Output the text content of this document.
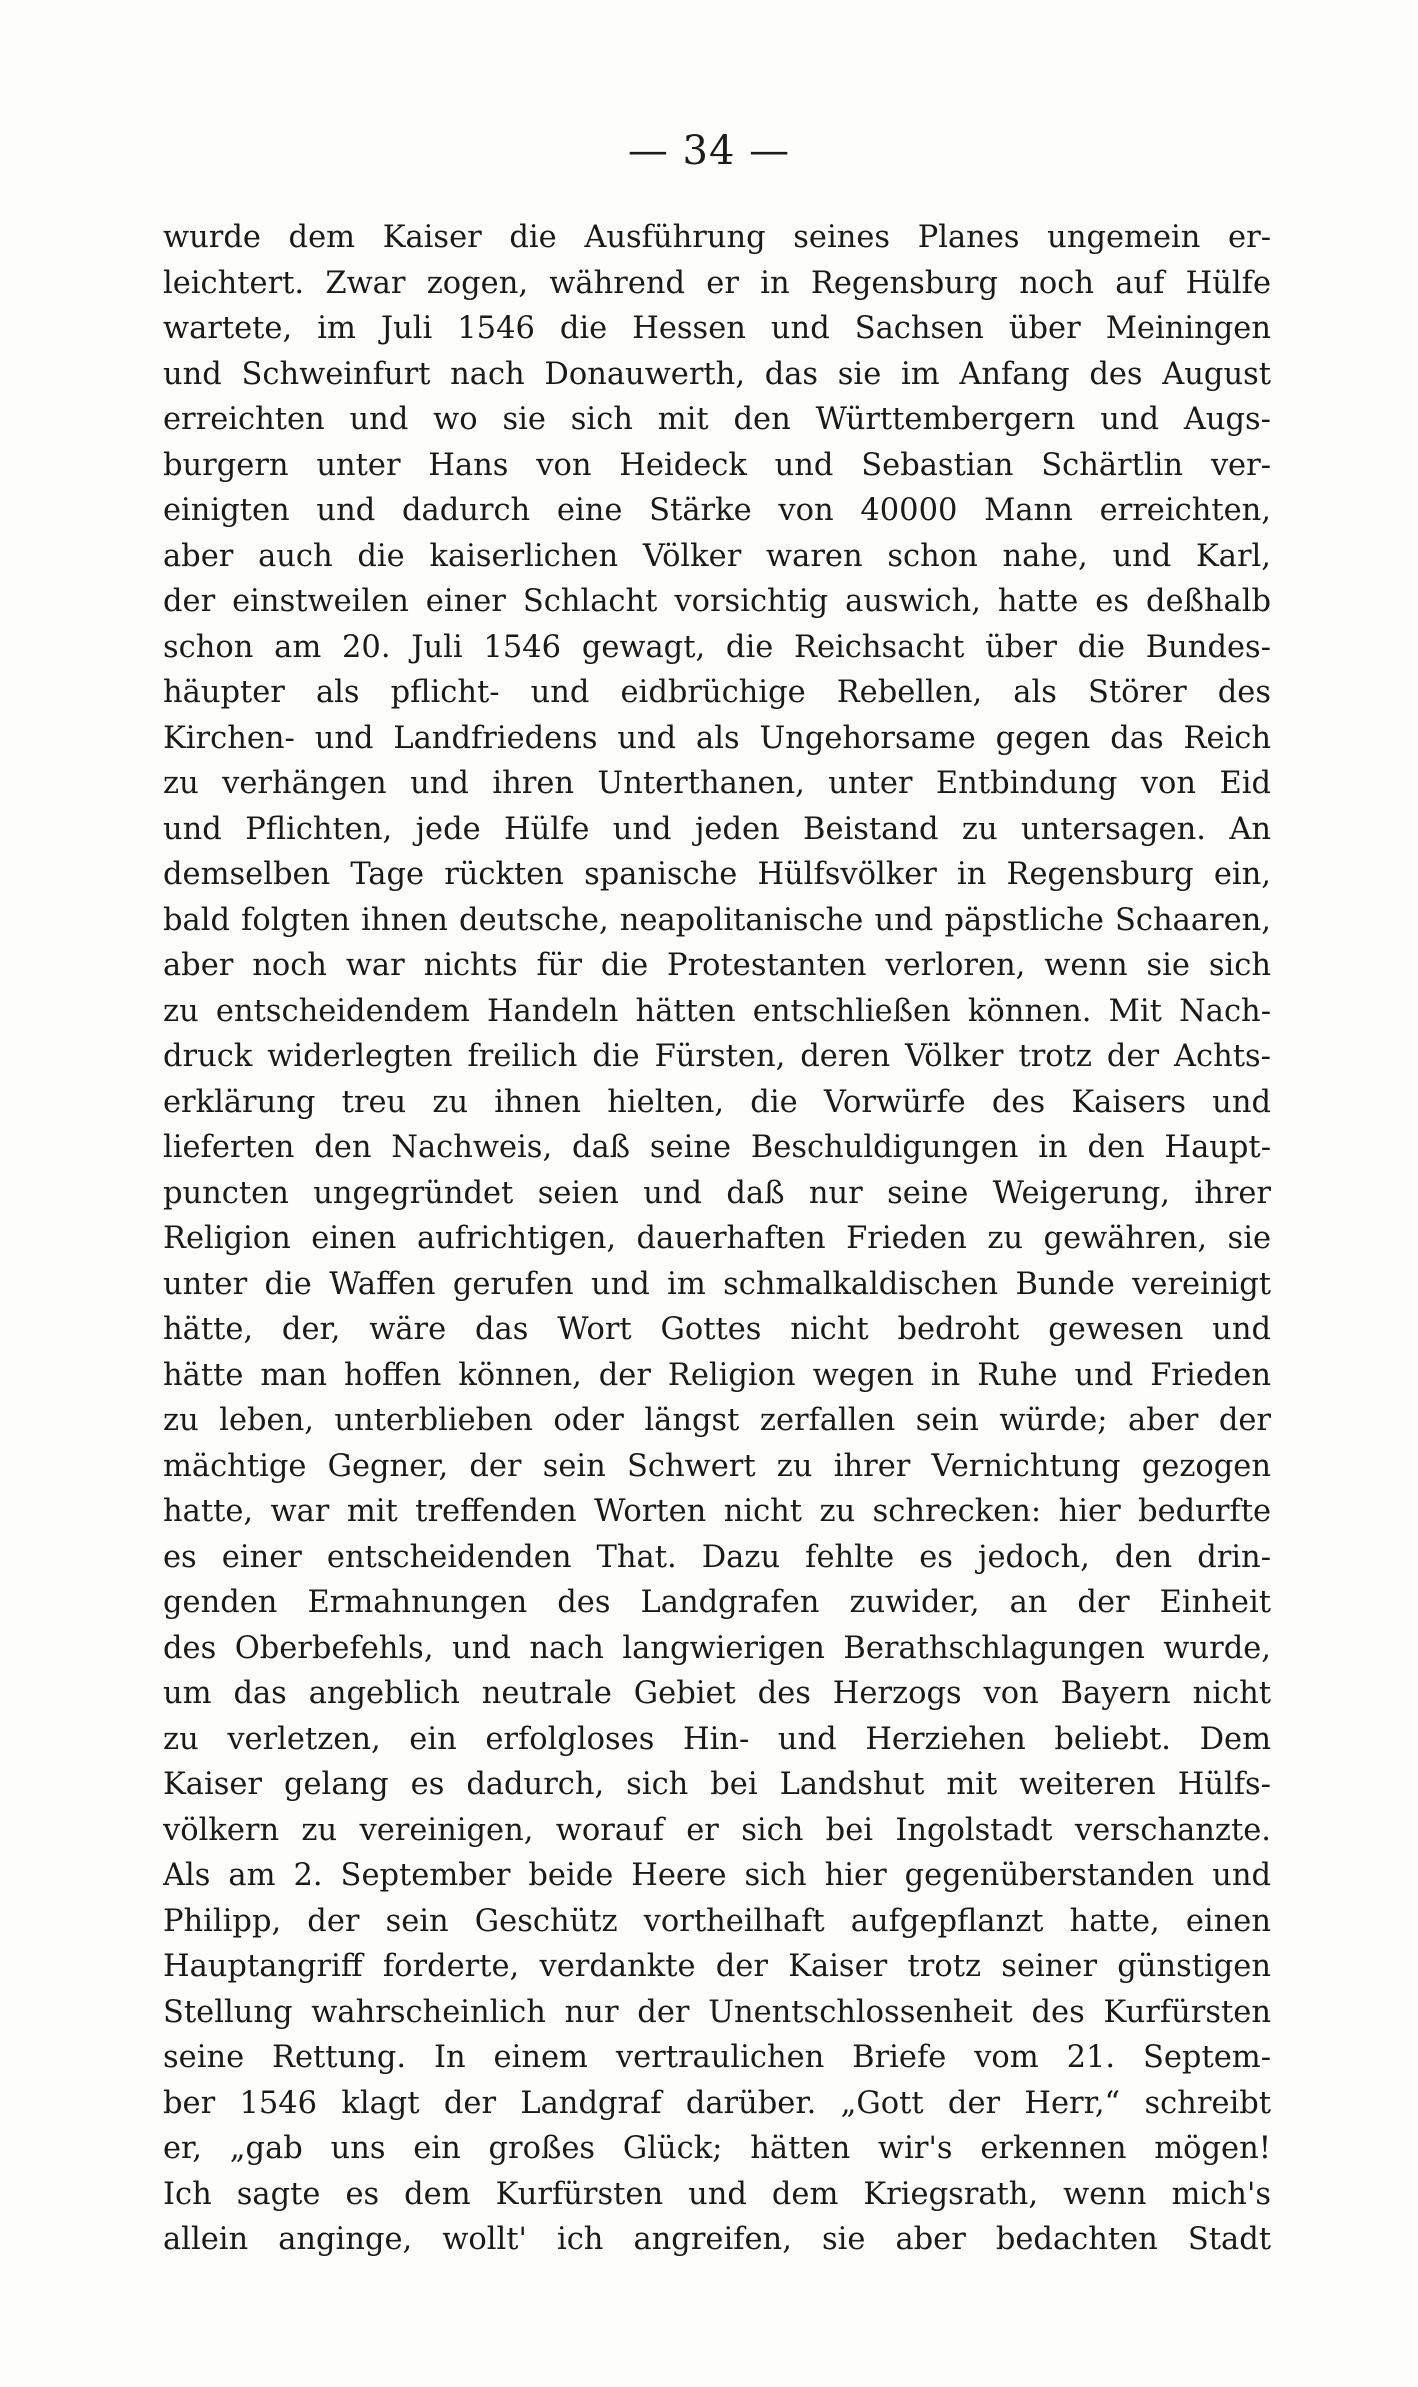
— 34 —
wurde dem Kaiser die Ausführung seines Planes ungemein er-
leichtert. Zwar zogen, während er in Regensburg noch auf Hülfe
wartete, im Juli 1546 die Hessen und Sachsen über Meiningen
und Schweinfurt nach Donauwerth, das sie im Anfang des August
erreichten und wo sie sich mit den Württembergern und Augs-
burgern unter Hans von Heideck und Sebastian Schärtlin ver-
einigten und dadurch eine Stärke von 40000 Mann erreichten,
aber auch die kaiserlichen Völker waren schon nahe, und Karl,
der einstweilen einer Schlacht vorsichtig auswich, hatte es deßhalb
schon am 20. Juli 1546 gewagt, die Reichsacht über die Bundes-
häupter als pflicht- und eidbrüchige Rebellen, als Störer des
Kirchen- und Landfriedens und als Ungehorsame gegen das Reich
zu verhängen und ihren Unterthanen, unter Entbindung von Eid
und Pflichten, jede Hülfe und jeden Beistand zu untersagen. An
demselben Tage rückten spanische Hülfsvölker in Regensburg ein,
bald folgten ihnen deutsche, neapolitanische und päpstliche Schaaren,
aber noch war nichts für die Protestanten verloren, wenn sie sich
zu entscheidendem Handeln hätten entschließen können. Mit Nach-
druck widerlegten freilich die Fürsten, deren Völker trotz der Achts-
erklärung treu zu ihnen hielten, die Vorwürfe des Kaisers und
lieferten den Nachweis, daß seine Beschuldigungen in den Haupt-
puncten ungegründet seien und daß nur seine Weigerung, ihrer
Religion einen aufrichtigen, dauerhaften Frieden zu gewähren, sie
unter die Waffen gerufen und im schmalkaldischen Bunde vereinigt
hätte, der, wäre das Wort Gottes nicht bedroht gewesen und
hätte man hoffen können, der Religion wegen in Ruhe und Frieden
zu leben, unterblieben oder längst zerfallen sein würde; aber der
mächtige Gegner, der sein Schwert zu ihrer Vernichtung gezogen
hatte, war mit treffenden Worten nicht zu schrecken: hier bedurfte
es einer entscheidenden That. Dazu fehlte es jedoch, den drin-
genden Ermahnungen des Landgrafen zuwider, an der Einheit
des Oberbefehls, und nach langwierigen Berathschlagungen wurde,
um das angeblich neutrale Gebiet des Herzogs von Bayern nicht
zu verletzen, ein erfolgloses Hin- und Herziehen beliebt. Dem
Kaiser gelang es dadurch, sich bei Landshut mit weiteren Hülfs-
völkern zu vereinigen, worauf er sich bei Ingolstadt verschanzte.
Als am 2. September beide Heere sich hier gegenüberstanden und
Philipp, der sein Geschütz vortheilhaft aufgepflanzt hatte, einen
Hauptangriff forderte, verdankte der Kaiser trotz seiner günstigen
Stellung wahrscheinlich nur der Unentschlossenheit des Kurfürsten
seine Rettung. In einem vertraulichen Briefe vom 21. Septem-
ber 1546 klagt der Landgraf darüber. „Gott der Herr,“ schreibt
er, „gab uns ein großes Glück; hätten wir's erkennen mögen!
Ich sagte es dem Kurfürsten und dem Kriegsrath, wenn mich's
allein anginge, wollt' ich angreifen, sie aber bedachten Stadt
